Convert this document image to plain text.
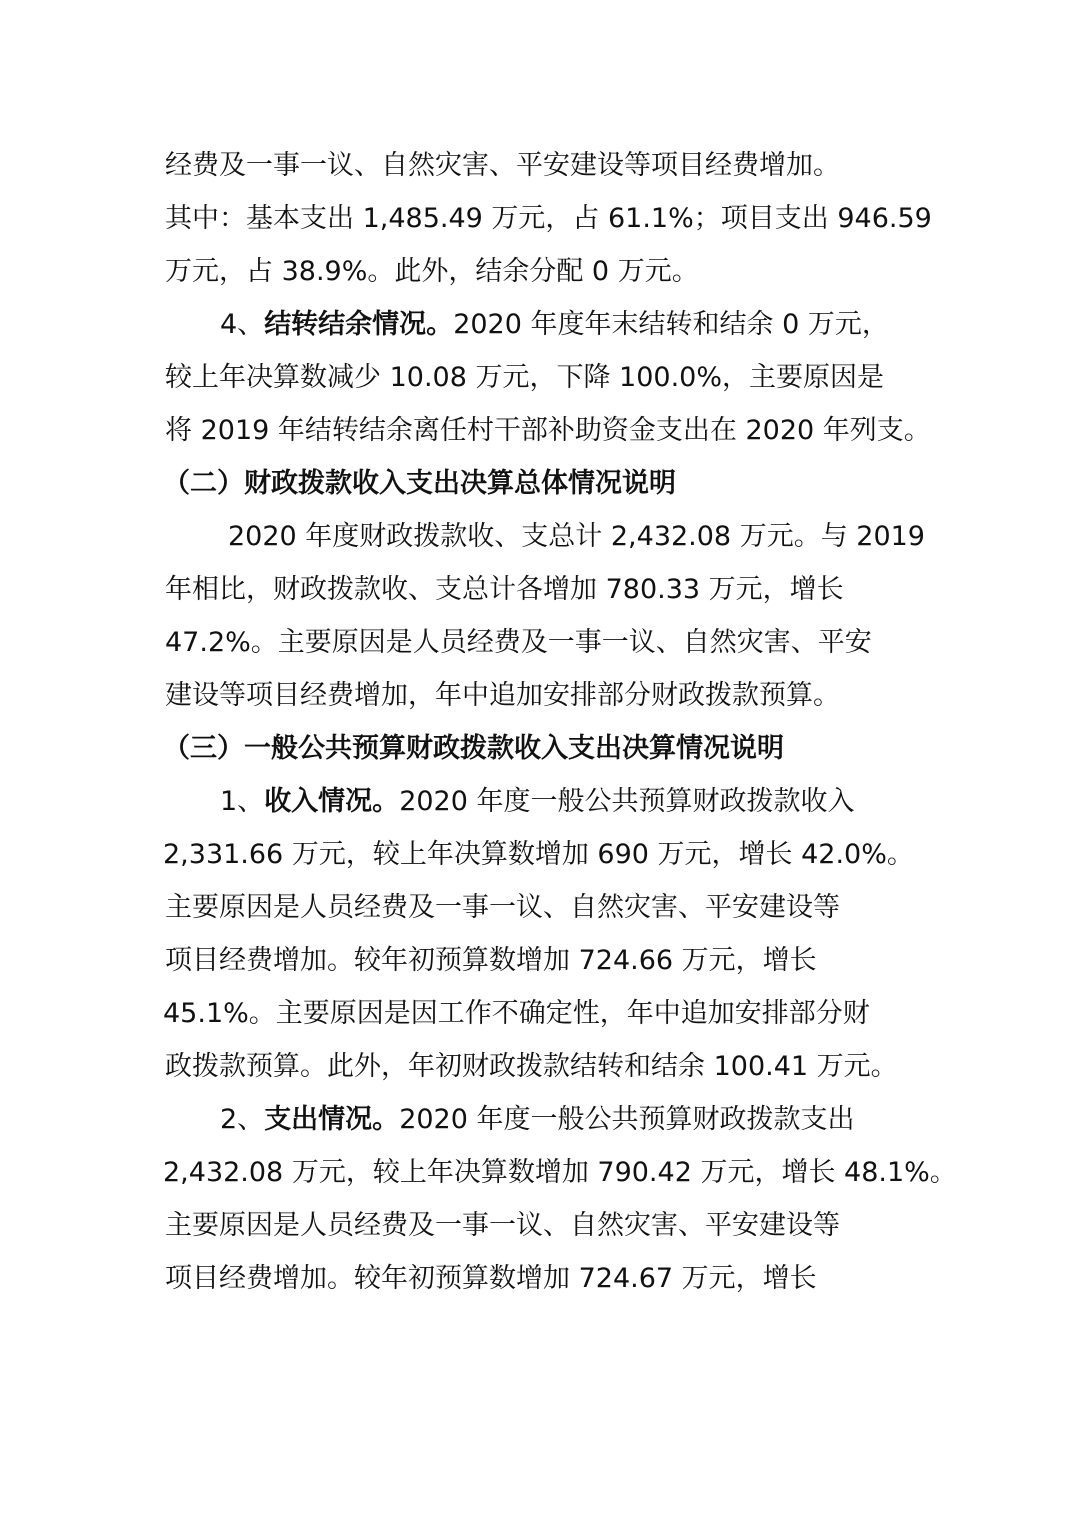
经费及一事一议、自然灾害、平安建设等项目经费增加。
其中：基本支出 1,485.49 万元，占 61.1%；项目支出 946.59
万元，占 38.9%。此外，结余分配 0 万元。
4、结转结余情况。2020 年度年末结转和结余 0 万元，
较上年决算数减少 10.08 万元，下降 100.0%，主要原因是
将 2019 年结转结余离任村干部补助资金支出在 2020 年列支。
（二）财政拨款收入支出决算总体情况说明
2020 年度财政拨款收、支总计 2,432.08 万元。与 2019
年相比，财政拨款收、支总计各增加 780.33 万元，增长
47.2%。主要原因是人员经费及一事一议、自然灾害、平安
建设等项目经费增加，年中追加安排部分财政拨款预算。
（三）一般公共预算财政拨款收入支出决算情况说明
1、收入情况。2020 年度一般公共预算财政拨款收入
2,331.66 万元，较上年决算数增加 690 万元，增长 42.0%。
主要原因是人员经费及一事一议、自然灾害、平安建设等
项目经费增加。较年初预算数增加 724.66 万元，增长
45.1%。主要原因是因工作不确定性，年中追加安排部分财
政拨款预算。此外，年初财政拨款结转和结余 100.41 万元。
2、支出情况。2020 年度一般公共预算财政拨款支出
2,432.08 万元，较上年决算数增加 790.42 万元，增长 48.1%。
主要原因是人员经费及一事一议、自然灾害、平安建设等
项目经费增加。较年初预算数增加 724.67 万元，增长
